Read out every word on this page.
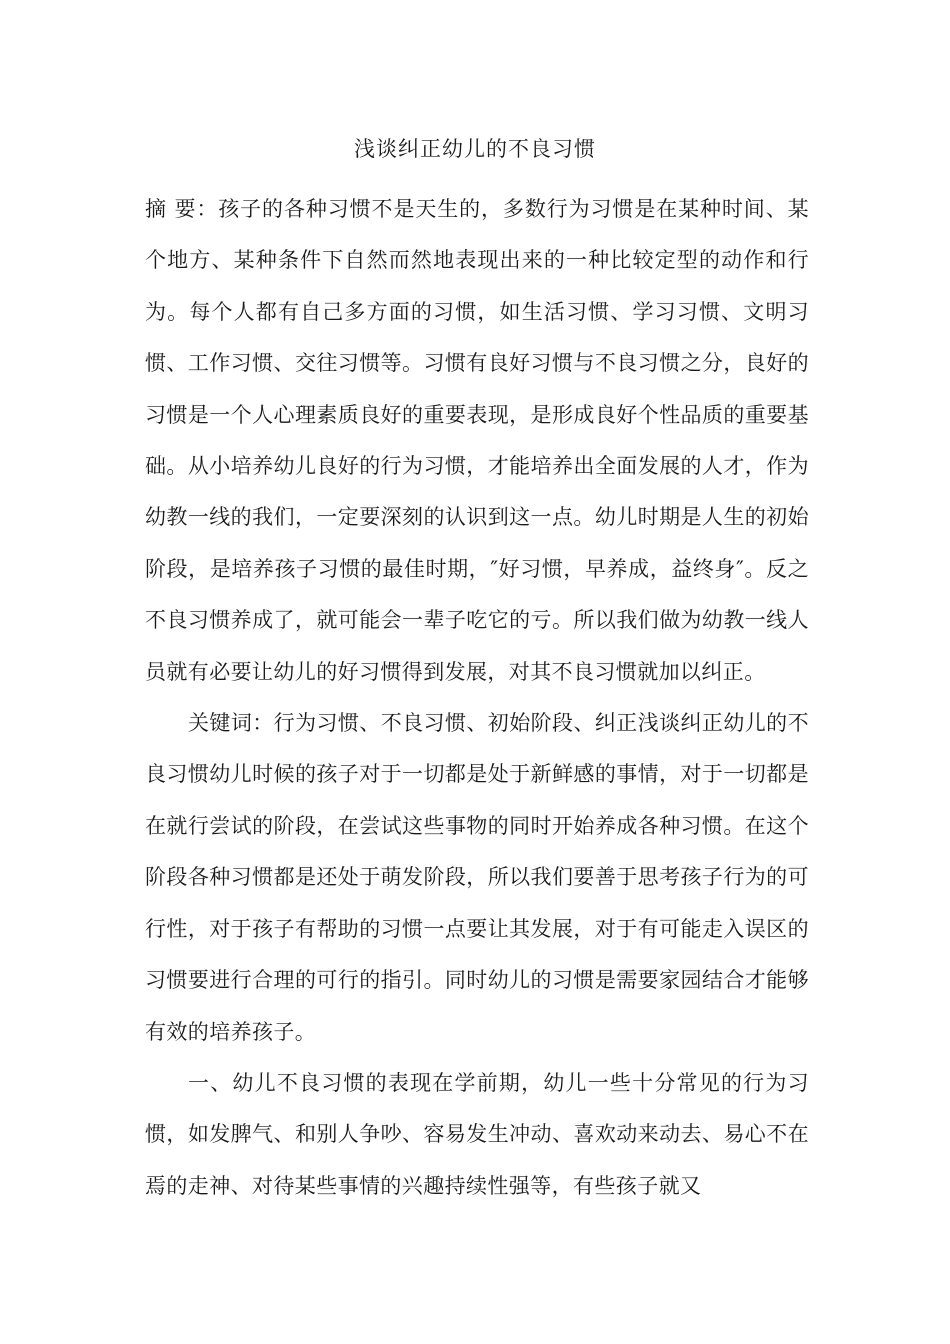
浅谈纠正幼儿的不良习惯

摘 要：孩子的各种习惯不是天生的，多数行为习惯是在某种时间、某个地方、某种条件下自然而然地表现出来的一种比较定型的动作和行为。每个人都有自己多方面的习惯，如生活习惯、学习习惯、文明习惯、工作习惯、交往习惯等。习惯有良好习惯与不良习惯之分，良好的习惯是一个人心理素质良好的重要表现，是形成良好个性品质的重要基础。从小培养幼儿良好的行为习惯，才能培养出全面发展的人才，作为幼教一线的我们，一定要深刻的认识到这一点。幼儿时期是人生的初始阶段，是培养孩子习惯的最佳时期，″好习惯，早养成，益终身″。反之不良习惯养成了，就可能会一辈子吃它的亏。所以我们做为幼教一线人员就有必要让幼儿的好习惯得到发展，对其不良习惯就加以纠正。

关键词：行为习惯、不良习惯、初始阶段、纠正浅谈纠正幼儿的不良习惯幼儿时候的孩子对于一切都是处于新鲜感的事情，对于一切都是在就行尝试的阶段，在尝试这些事物的同时开始养成各种习惯。在这个阶段各种习惯都是还处于萌发阶段，所以我们要善于思考孩子行为的可行性，对于孩子有帮助的习惯一点要让其发展，对于有可能走入误区的习惯要进行合理的可行的指引。同时幼儿的习惯是需要家园结合才能够有效的培养孩子。

一、幼儿不良习惯的表现在学前期，幼儿一些十分常见的行为习惯，如发脾气、和别人争吵、容易发生冲动、喜欢动来动去、易心不在焉的走神、对待某些事情的兴趣持续性强等，有些孩子就又
